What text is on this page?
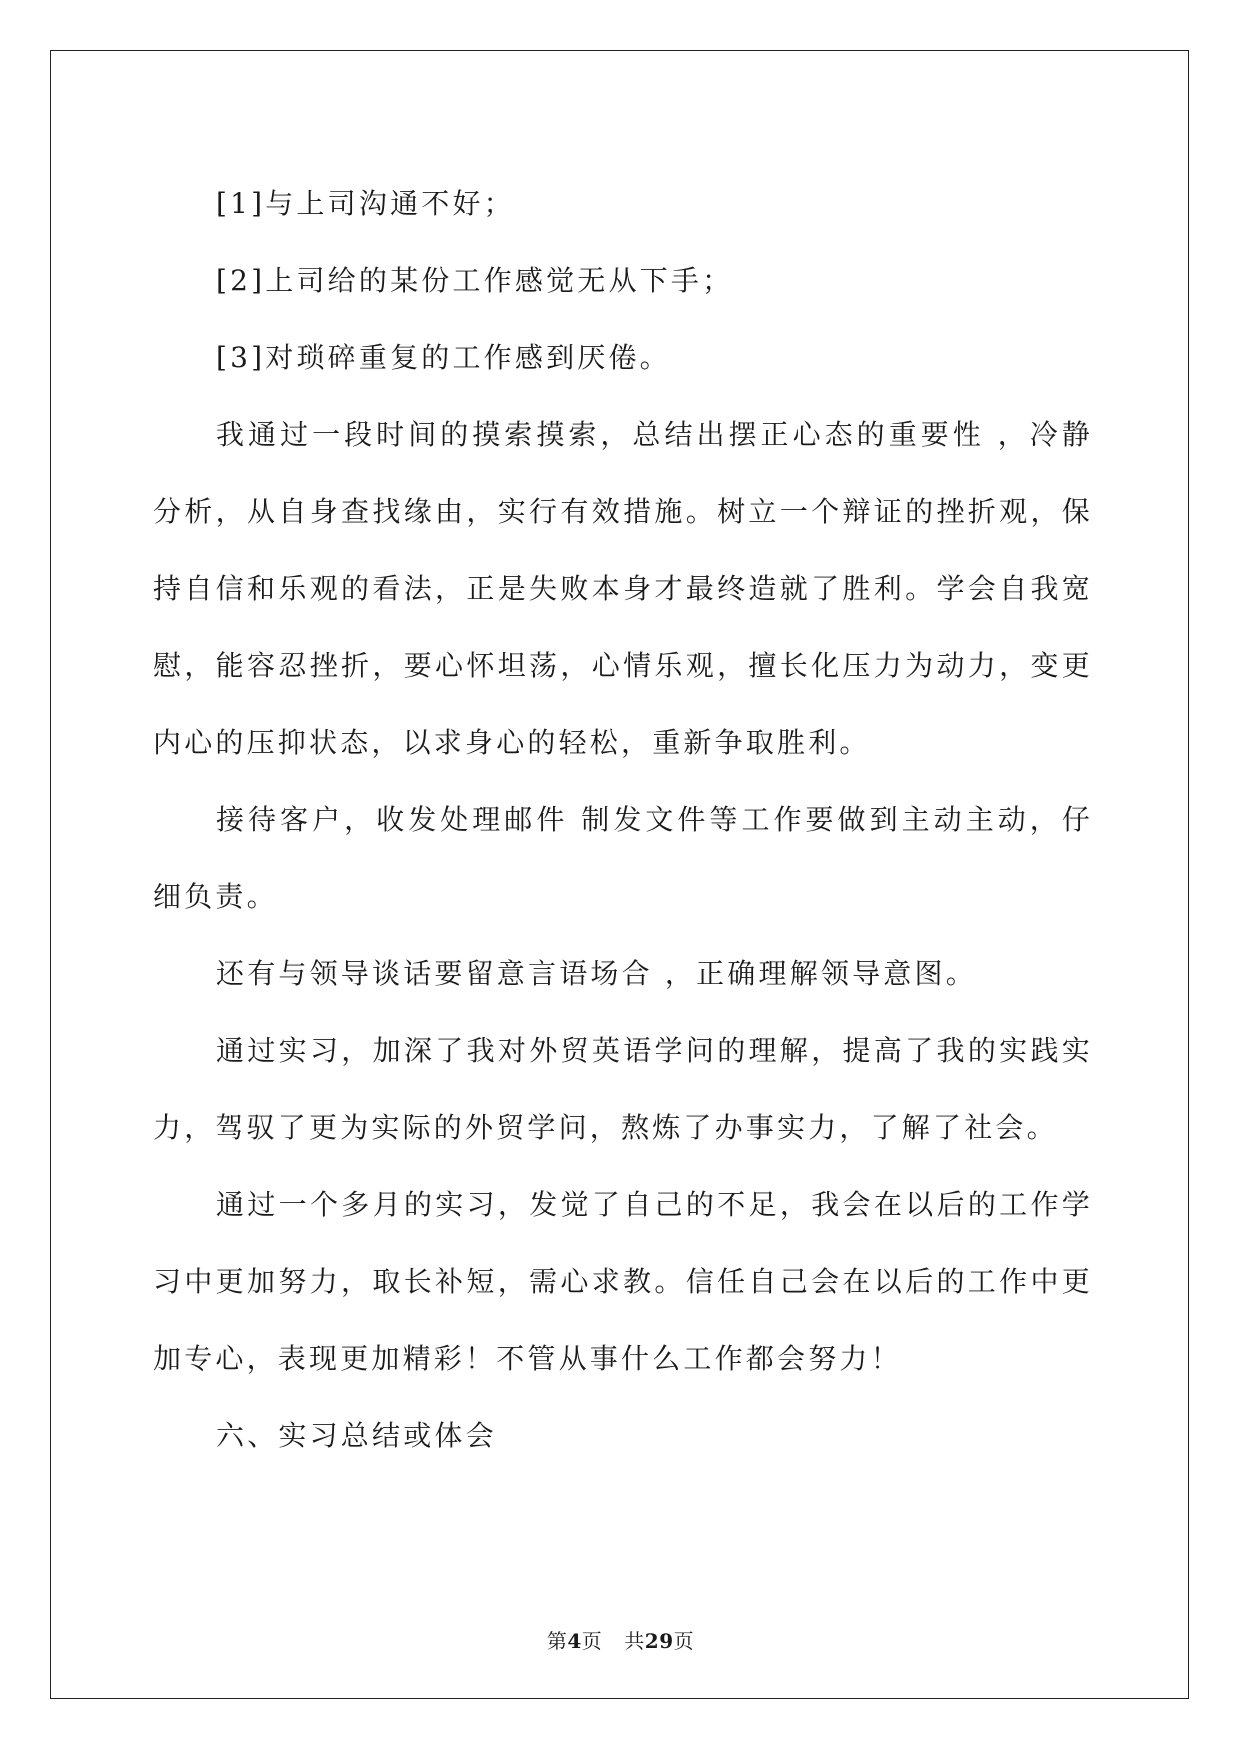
[1]与上司沟通不好；

[2]上司给的某份工作感觉无从下手；

[3]对琐碎重复的工作感到厌倦。

我通过一段时间的摸索摸索，总结出摆正心态的重要性 ，冷静分析，从自身查找缘由，实行有效措施。树立一个辩证的挫折观，保持自信和乐观的看法，正是失败本身才最终造就了胜利。学会自我宽慰，能容忍挫折，要心怀坦荡，心情乐观，擅长化压力为动力，变更内心的压抑状态，以求身心的轻松，重新争取胜利。

接待客户，收发处理邮件 制发文件等工作要做到主动主动，仔细负责。

还有与领导谈话要留意言语场合 ，正确理解领导意图。

通过实习，加深了我对外贸英语学问的理解，提高了我的实践实力，驾驭了更为实际的外贸学问，熬炼了办事实力，了解了社会。

通过一个多月的实习，发觉了自己的不足，我会在以后的工作学习中更加努力，取长补短，需心求教。信任自己会在以后的工作中更加专心，表现更加精彩！不管从事什么工作都会努力！

六、实习总结或体会

第4页 共29页
